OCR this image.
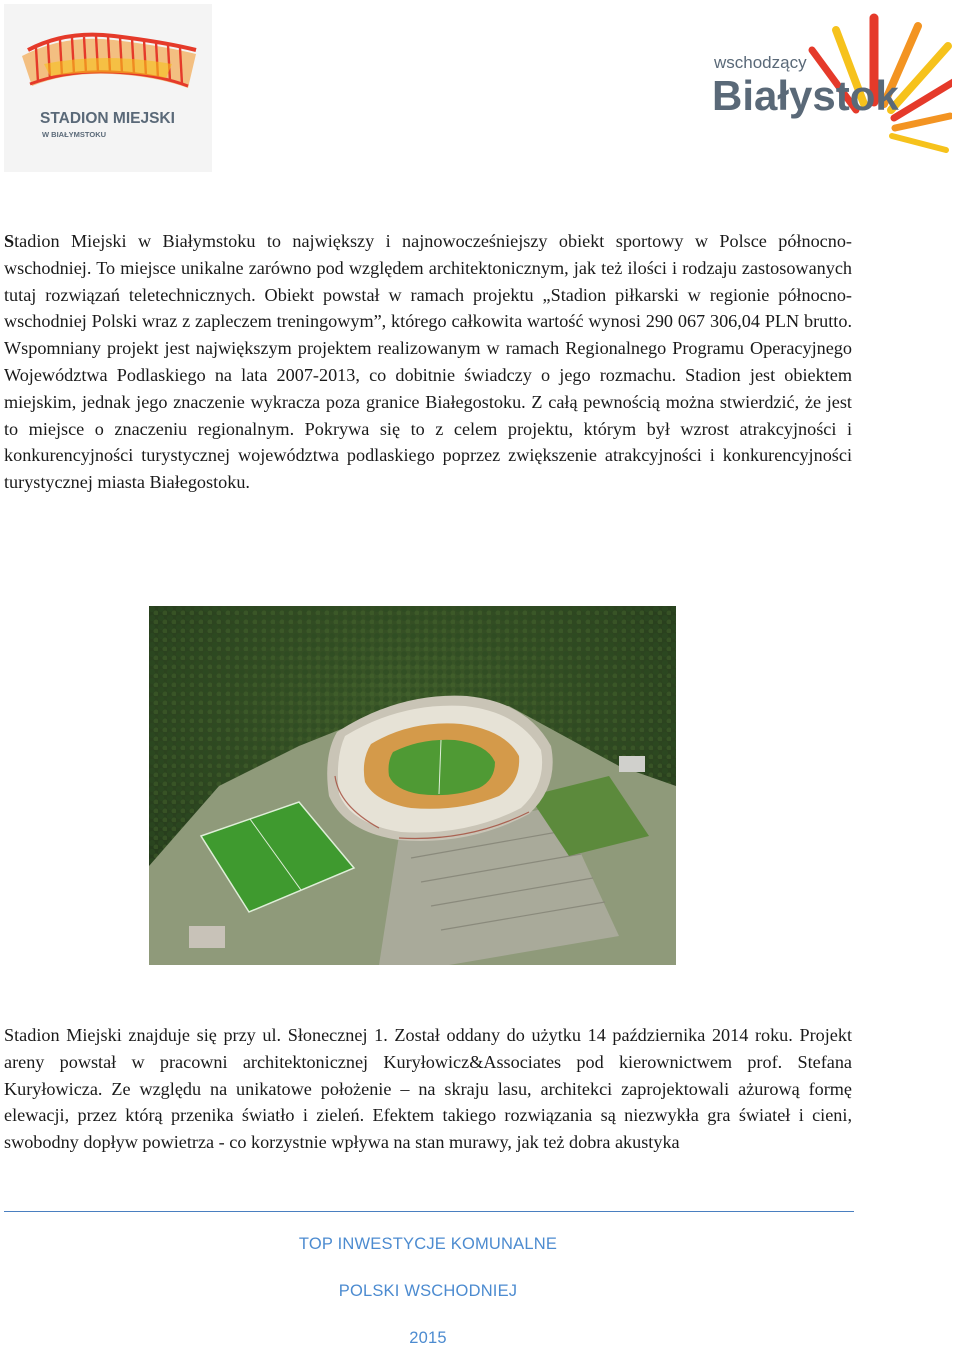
STADION MIEJSKI
W BIAŁYMSTOKU
wschodzący
Białystok

Stadion Miejski w Białymstoku to największy i najnowocześniejszy obiekt sportowy w Polsce północno-wschodniej. To miejsce unikalne zarówno pod względem architektonicznym, jak też ilości i rodzaju zastosowanych tutaj rozwiązań teletechnicznych. Obiekt powstał w ramach projektu „Stadion piłkarski w regionie północno-wschodniej Polski wraz z zapleczem treningowym”, którego całkowita wartość wynosi 290 067 306,04 PLN brutto. Wspomniany projekt jest największym projektem realizowanym w ramach Regionalnego Programu Operacyjnego Województwa Podlaskiego na lata 2007-2013, co dobitnie świadczy o jego rozmachu. Stadion jest obiektem miejskim, jednak jego znaczenie wykracza poza granice Białegostoku. Z całą pewnością można stwierdzić, że jest to miejsce o znaczeniu regionalnym. Pokrywa się to z celem projektu, którym był wzrost atrakcyjności i konkurencyjności turystycznej województwa podlaskiego poprzez zwiększenie atrakcyjności i konkurencyjności turystycznej miasta Białegostoku.

Stadion Miejski znajduje się przy ul. Słonecznej 1. Został oddany do użytku 14 października 2014 roku. Projekt areny powstał w pracowni architektonicznej Kuryłowicz&Associates pod kierownictwem prof. Stefana Kuryłowicza. Ze względu na unikatowe położenie – na skraju lasu, architekci zaprojektowali ażurową formę elewacji, przez którą przenika światło i zieleń. Efektem takiego rozwiązania są niezwykła gra świateł i cieni, swobodny dopływ powietrza - co korzystnie wpływa na stan murawy, jak też dobra akustyka

TOP INWESTYCJE KOMUNALNE
POLSKI WSCHODNIEJ
2015
